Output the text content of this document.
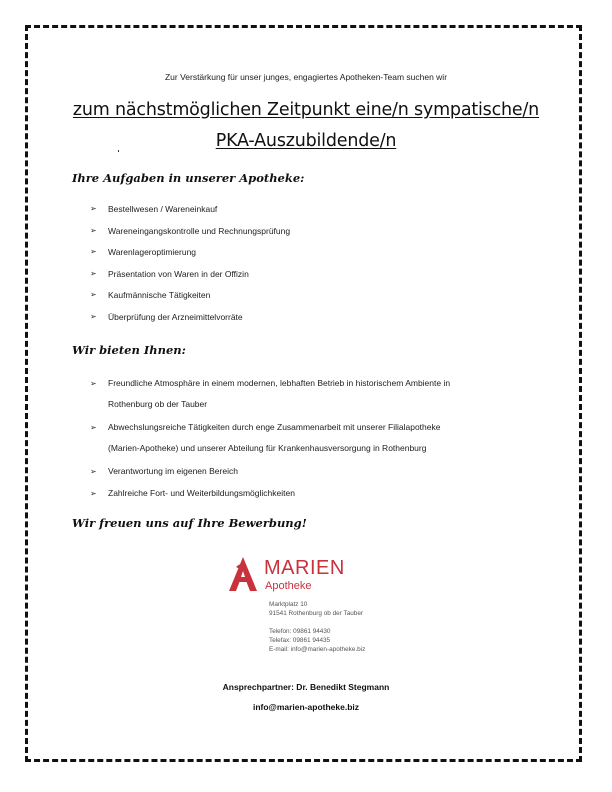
Zur Verstärkung für unser junges, engagiertes Apotheken-Team suchen wir
zum nächstmöglichen Zeitpunkt eine/n sympatische/n
PKA-Auszubildende/n
Ihre Aufgaben in unserer Apotheke:
➢ Bestellwesen / Wareneinkauf
➢ Wareneingangskontrolle und Rechnungsprüfung
➢ Warenlageroptimierung
➢ Präsentation von Waren in der Offizin
➢ Kaufmännische Tätigkeiten
➢ Überprüfung der Arzneimittelvorräte
Wir bieten Ihnen:
➢ Freundliche Atmosphäre in einem modernen, lebhaften Betrieb in historischem Ambiente in
Rothenburg ob der Tauber
➢ Abwechslungsreiche Tätigkeiten durch enge Zusammenarbeit mit unserer Filialapotheke
(Marien-Apotheke) und unserer Abteilung für Krankenhausversorgung in Rothenburg
➢ Verantwortung im eigenen Bereich
➢ Zahlreiche Fort- und Weiterbildungsmöglichkeiten
Wir freuen uns auf Ihre Bewerbung!
MARIEN
Apotheke
Marktplatz 10
91541 Rothenburg ob der Tauber
Telefon: 09861 94430
Telefax: 09861 94435
E-mail: info@marien-apotheke.biz
Ansprechpartner: Dr. Benedikt Stegmann
info@marien-apotheke.biz
